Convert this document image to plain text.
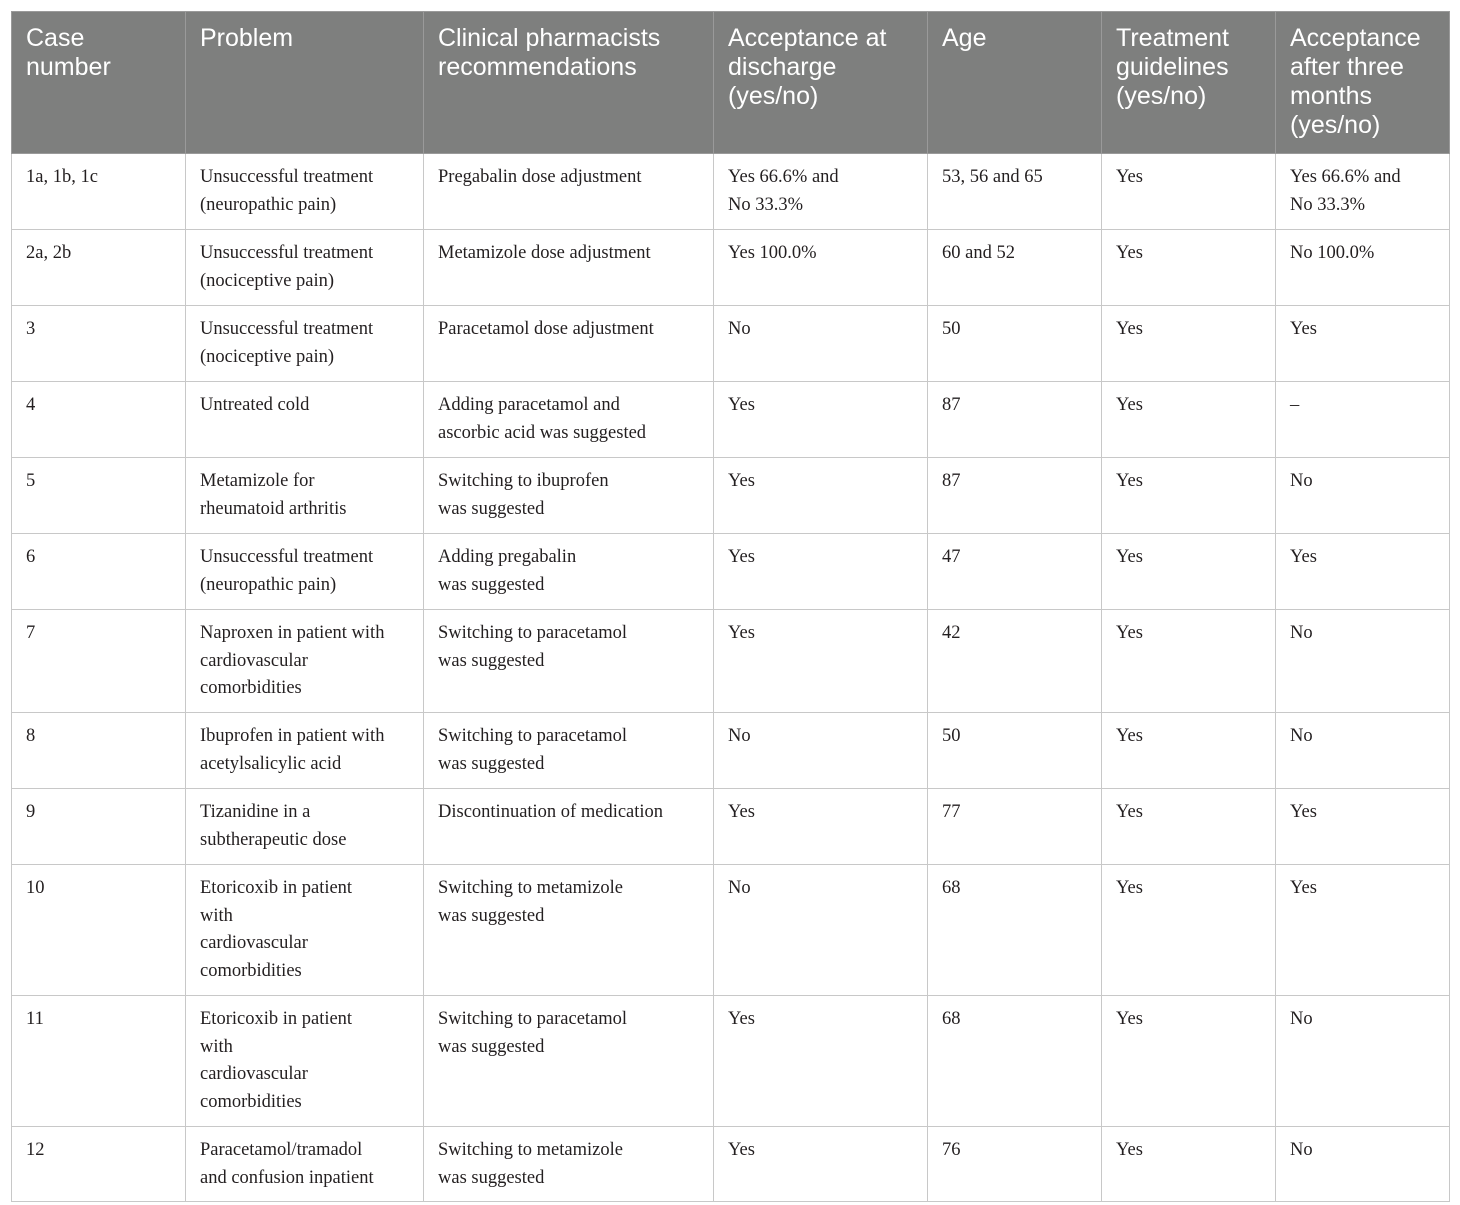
Case
number	Problem	Clinical pharmacists
recommendations	Acceptance at
discharge
(yes/no)	Age	Treatment
guidelines
(yes/no)	Acceptance
after three
months
(yes/no)
1a, 1b, 1c	Unsuccessful treatment
(neuropathic pain)	Pregabalin dose adjustment	Yes 66.6% and
No 33.3%	53, 56 and 65	Yes	Yes 66.6% and
No 33.3%
2a, 2b	Unsuccessful treatment
(nociceptive pain)	Metamizole dose adjustment	Yes 100.0%	60 and 52	Yes	No 100.0%
3	Unsuccessful treatment
(nociceptive pain)	Paracetamol dose adjustment	No	50	Yes	Yes
4	Untreated cold	Adding paracetamol and
ascorbic acid was suggested	Yes	87	Yes	–
5	Metamizole for
rheumatoid arthritis	Switching to ibuprofen
was suggested	Yes	87	Yes	No
6	Unsuccessful treatment
(neuropathic pain)	Adding pregabalin
was suggested	Yes	47	Yes	Yes
7	Naproxen in patient with
cardiovascular
comorbidities	Switching to paracetamol
was suggested	Yes	42	Yes	No
8	Ibuprofen in patient with
acetylsalicylic acid	Switching to paracetamol
was suggested	No	50	Yes	No
9	Tizanidine in a
subtherapeutic dose	Discontinuation of medication	Yes	77	Yes	Yes
10	Etoricoxib in patient
with
cardiovascular
comorbidities	Switching to metamizole
was suggested	No	68	Yes	Yes
11	Etoricoxib in patient
with
cardiovascular
comorbidities	Switching to paracetamol
was suggested	Yes	68	Yes	No
12	Paracetamol/tramadol
and confusion inpatient	Switching to metamizole
was suggested	Yes	76	Yes	No
